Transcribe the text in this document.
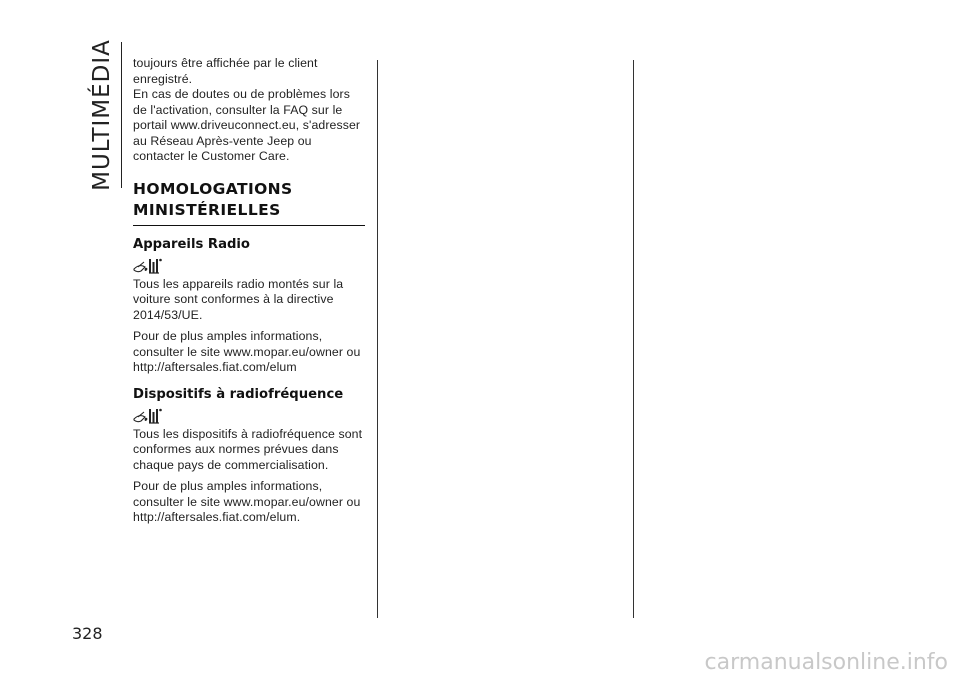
MULTIMÉDIA
328

toujours être affichée par le client enregistré.

En cas de doutes ou de problèmes lors de l'activation, consulter la FAQ sur le portail www.driveuconnect.eu, s'adresser au Réseau Après-vente Jeep ou contacter le Customer Care.

HOMOLOGATIONS MINISTÉRIELLES
Appareils Radio

Tous les appareils radio montés sur la voiture sont conformes à la directive 2014/53/UE.

Pour de plus amples informations, consulter le site www.mopar.eu/owner ou http://aftersales.fiat.com/elum

Dispositifs à radiofréquence

Tous les dispositifs à radiofréquence sont conformes aux normes prévues dans chaque pays de commercialisation.

Pour de plus amples informations, consulter le site www.mopar.eu/owner ou http://aftersales.fiat.com/elum.

carmanualsonline.info
